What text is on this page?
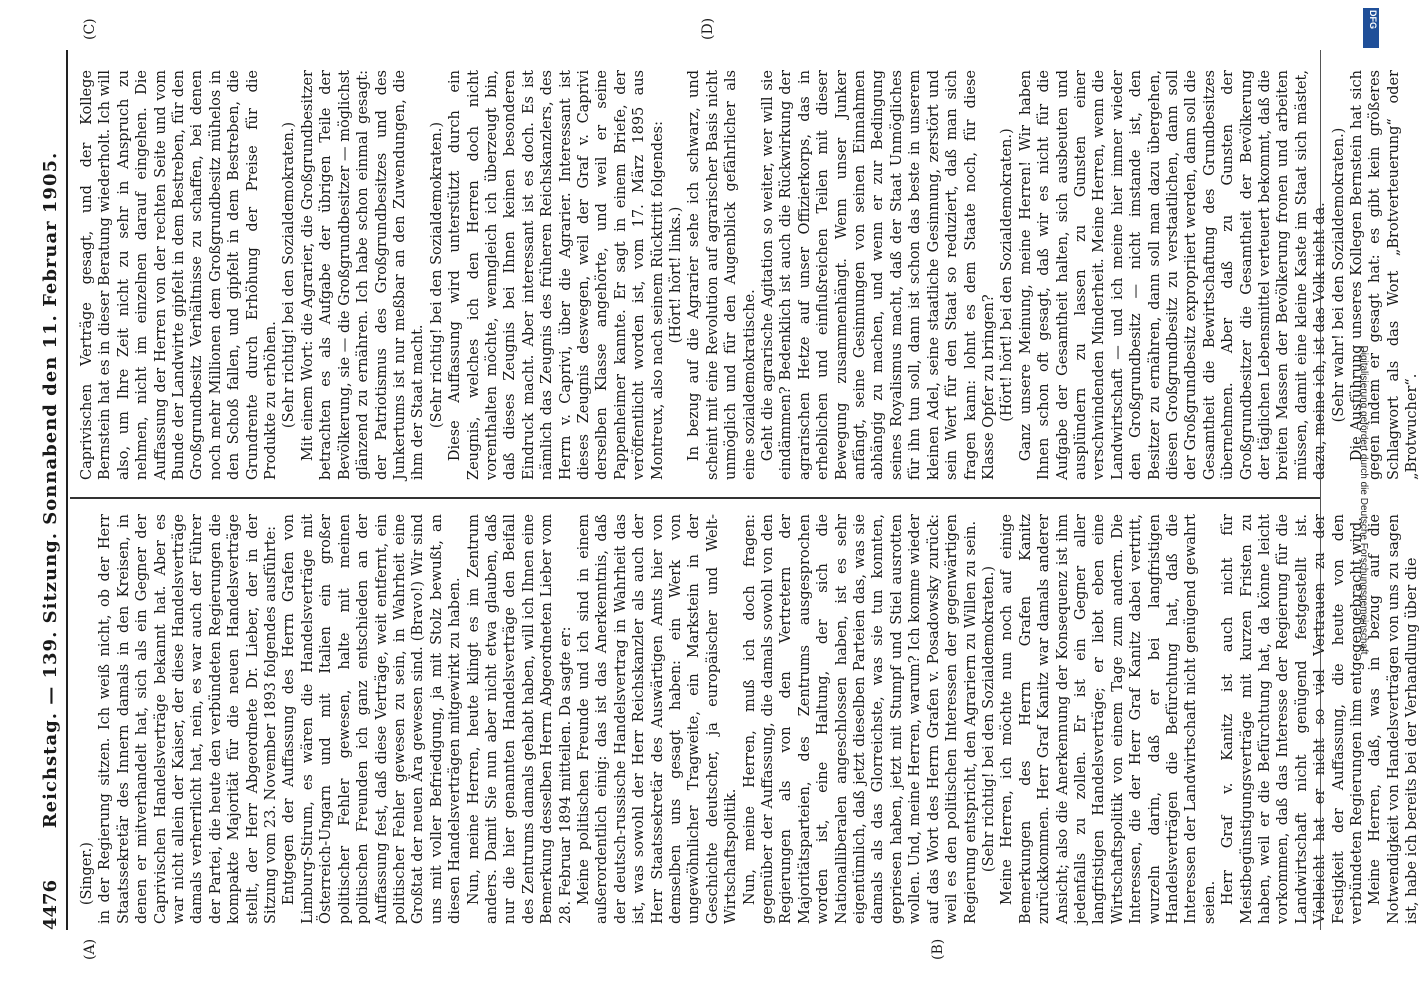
4476
Reichstag. — 139. Sitzung. Sonnabend den 11. Februar 1905.
(A)	(B)
(C)	(D)

(Singer.) in der Regierung sitzen. Ich weiß nicht, ob der Herr Staatssekretär des Innern damals in den Kreisen, in denen er mitverhandelt hat, sich als ein Gegner der Caprivischen Handelsverträge bekannt hat. Aber es war nicht allein der Kaiser, der diese Handelsverträge damals verherrlicht hat, nein, es war auch der Führer der Partei, die heute den verbündeten Regierungen die kompakte Majorität für die neuen Handelsverträge stellt, der Herr Abgeordnete Dr. Lieber, der in der Sitzung vom 23. November 1893 folgendes ausführte: Entgegen der Auffassung des Herrn Grafen von Limburg-Stirum, es wären die Handelsverträge mit Österreich-Ungarn und mit Italien ein großer politischer Fehler gewesen, halte mit meinen politischen Freunden ich ganz entschieden an der Auffassung fest, daß diese Verträge, weit entfernt, ein politischer Fehler gewesen zu sein, in Wahrheit eine Großtat der neuen Ära gewesen sind. (Bravo!) Wir sind uns mit voller Befriedigung, ja mit Stolz bewußt, an diesen Handelsverträgen mitgewirkt zu haben. Nun, meine Herren, heute klingt es im Zentrum anders. Damit Sie nun aber nicht etwa glauben, daß nur die hier genannten Handelsverträge den Beifall des Zentrums damals gehabt haben, will ich Ihnen eine Bemerkung desselben Herrn Abgeordneten Lieber vom 28. Februar 1894 mitteilen. Da sagte er: Meine politischen Freunde und ich sind in einem außerordentlich einig: das ist das Anerkenntnis, daß der deutsch-russische Handelsvertrag in Wahrheit das ist, was sowohl der Herr Reichskanzler als auch der Herr Staatssekretär des Auswärtigen Amts hier von demselben uns gesagt haben: ein Werk von ungewöhnlicher Tragweite, ein Markstein in der Geschichte deutscher, ja europäischer und Welt-Wirtschaftspolitik. Nun, meine Herren, muß ich doch fragen: gegenüber der Auffassung, die damals sowohl von den Regierungen als von den Vertretern der Majoritätsparteien, des Zentrums ausgesprochen worden ist, eine Haltung, der sich die Nationalliberalen angeschlossen haben, ist es sehr eigentümlich, daß jetzt dieselben Parteien das, was sie damals als das Glorreichste, was sie tun konnten, gepriesen haben, jetzt mit Stumpf und Stiel ausrotten wollen. Und, meine Herren, warum? Ich komme wieder auf das Wort des Herrn Grafen v. Posadowsky zurück: weil es den politischen Interessen der gegenwärtigen Regierung entspricht, den Agrariern zu Willen zu sein. (Sehr richtig! bei den Sozialdemokraten.) Meine Herren, ich möchte nun noch auf einige Bemerkungen des Herrn Grafen Kanitz zurückkommen. Herr Graf Kanitz war damals anderer Ansicht; also die Anerkennung der Konsequenz ist ihm jedenfalls zu zollen. Er ist ein Gegner aller langfristigen Handelsverträge; er liebt eben eine Wirtschaftspolitik von einem Tage zum andern. Die Interessen, die der Herr Graf Kanitz dabei vertritt, wurzeln darin, daß er bei langfristigen Handelsverträgen die Befürchtung hat, daß die Interessen der Landwirtschaft nicht genügend gewahrt seien. Herr Graf v. Kanitz ist auch nicht für Meistbegünstigungsverträge mit kurzen Fristen zu haben, weil er die Befürchtung hat, da könne leicht vorkommen, daß das Interesse der Regierung für die Landwirtschaft nicht genügend festgestellt ist. Vielleicht hat er nicht so viel Vertrauen zu der Festigkeit der Auffassung, die heute von den verbündeten Regierungen ihm entgegengebracht wird. Meine Herren, daß, was in bezug auf die Notwendigkeit von Handelsverträgen von uns zu sagen ist, habe ich bereits bei der Verhandlung über die

Caprivischen Verträge gesagt, und der Kollege Bernstein hat es in dieser Beratung wiederholt. Ich will also, um Ihre Zeit nicht zu sehr in Anspruch zu nehmen, nicht im einzelnen darauf eingehen. Die Auffassung der Herren von der rechten Seite und vom Bunde der Landwirte gipfelt in dem Bestreben, für den Großgrundbesitz Verhältnisse zu schaffen, bei denen noch mehr Millionen dem Großgrundbesitz mühelos in den Schoß fallen, und gipfelt in dem Bestreben, die Grundrente durch Erhöhung der Preise für die Produkte zu erhöhen. (Sehr richtig! bei den Sozialdemokraten.) Mit einem Wort: die Agrarier, die Großgrundbesitzer betrachten es als Aufgabe der übrigen Teile der Bevölkerung, sie — die Großgrundbesitzer — möglichst glänzend zu ernähren. Ich habe schon einmal gesagt: der Patriotismus des Großgrundbesitzes und des Junkertums ist nur meßbar an den Zuwendungen, die ihm der Staat macht. (Sehr richtig! bei den Sozialdemokraten.) Diese Auffassung wird unterstützt durch ein Zeugnis, welches ich den Herren doch nicht vorenthalten möchte, wenngleich ich überzeugt bin, daß dieses Zeugnis bei Ihnen keinen besonderen Eindruck macht. Aber interessant ist es doch. Es ist nämlich das Zeugnis des früheren Reichskanzlers, des Herrn v. Caprivi, über die Agrarier. Interessant ist dieses Zeugnis deswegen, weil der Graf v. Caprivi derselben Klasse angehörte, und weil er seine Pappenheimer kannte. Er sagt in einem Briefe, der veröffentlicht worden ist, vom 17. März 1895 aus Montreux, also nach seinem Rücktritt folgendes: (Hört! hört! links.) In bezug auf die Agrarier sehe ich schwarz, und scheint mit eine Revolution auf agrarischer Basis nicht unmöglich und für den Augenblick gefährlicher als eine sozialdemokratische. Geht die agrarische Agitation so weiter, wer will sie eindämmen? Bedenklich ist auch die Rückwirkung der agrarischen Hetze auf unser Offizierkorps, das in erheblichen und einflußreichen Teilen mit dieser Bewegung zusammenhängt. Wenn unser Junker anfängt, seine Gesinnungen von seinen Einnahmen abhängig zu machen, und wenn er zur Bedingung seines Royalismus macht, daß der Staat Unmögliches für ihn tun soll, dann ist schon das beste in unserem kleinen Adel, seine staatliche Gesinnung, zerstört und sein Wert für den Staat so reduziert, daß man sich fragen kann: lohnt es dem Staate noch, für diese Klasse Opfer zu bringen? (Hört! hört! bei den Sozialdemokraten.) Ganz unsere Meinung, meine Herren! Wir haben Ihnen schon oft gesagt, daß wir es nicht für die Aufgabe der Gesamtheit halten, sich ausbeuten und ausplündern zu lassen zu Gunsten einer verschwindenden Minderheit. Meine Herren, wenn die Landwirtschaft — und ich meine hier immer wieder den Großgrundbesitz — nicht imstande ist, den Besitzer zu ernähren, dann soll man dazu übergehen, diesen Großgrundbesitz zu verstaatlichen, dann soll der Großgrundbesitz expropriiert werden, dann soll die Gesamtheit die Bewirtschaftung des Grundbesitzes übernehmen. Aber daß zu Gunsten der Großgrundbesitzer die Gesamtheit der Bevölkerung der täglichen Lebensmittel verteuert bekommt, daß die breiten Massen der Bevölkerung fronen und arbeiten müssen, damit eine kleine Kaste im Staat sich mästet, dazu, meine ich, ist das Volk nicht da. (Sehr wahr! bei den Sozialdemokraten.) Die Ausführung unseres Kollegen Bernstein hat sich gegen indem er gesagt hat: es gibt kein größeres Schlagwort als das Wort „Brotverteuerung“ oder „Brotwucher“.

Digitalisierung gefördert durch die Deutsche Forschungsgemeinschaft
DFG
